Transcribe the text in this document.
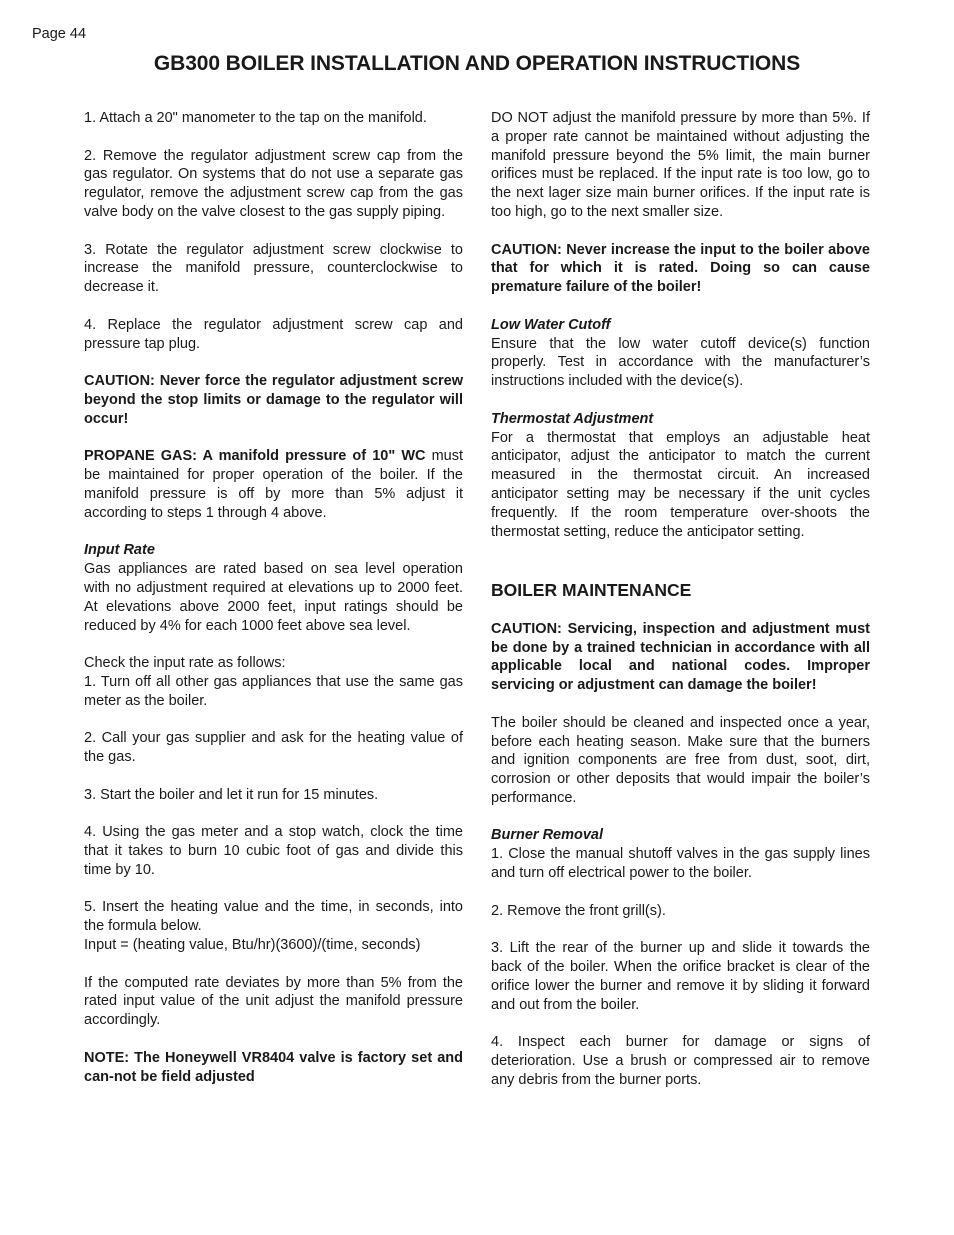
Page 44
GB300 BOILER INSTALLATION AND OPERATION INSTRUCTIONS

1. Attach a 20" manometer to the tap on the manifold.

2. Remove the regulator adjustment screw cap from the gas regulator. On systems that do not use a separate gas regulator, remove the adjustment screw cap from the gas valve body on the valve closest to the gas supply piping.

3. Rotate the regulator adjustment screw clockwise to increase the manifold pressure, counterclockwise to decrease it.

4. Replace the regulator adjustment screw cap and pressure tap plug.

CAUTION: Never force the regulator adjustment screw beyond the stop limits or damage to the regulator will occur!

PROPANE GAS: A manifold pressure of 10" WC must be maintained for proper operation of the boiler. If the manifold pressure is off by more than 5% adjust it according to steps 1 through 4 above.

Input Rate

Gas appliances are rated based on sea level operation with no adjustment required at elevations up to 2000 feet. At elevations above 2000 feet, input ratings should be reduced by 4% for each 1000 feet above sea level.

Check the input rate as follows:

1. Turn off all other gas appliances that use the same gas meter as the boiler.

2. Call your gas supplier and ask for the heating value of the gas.

3. Start the boiler and let it run for 15 minutes.

4. Using the gas meter and a stop watch, clock the time that it takes to burn 10 cubic foot of gas and divide this time by 10.

5. Insert the heating value and the time, in seconds, into the formula below.

Input = (heating value, Btu/hr)(3600)/(time, seconds)

If the computed rate deviates by more than 5% from the rated input value of the unit adjust the manifold pressure accordingly.

NOTE: The Honeywell VR8404 valve is factory set and can-not be field adjusted

DO NOT adjust the manifold pressure by more than 5%. If a proper rate cannot be maintained without adjusting the manifold pressure beyond the 5% limit, the main burner orifices must be replaced. If the input rate is too low, go to the next lager size main burner orifices. If the input rate is too high, go to the next smaller size.

CAUTION: Never increase the input to the boiler above that for which it is rated. Doing so can cause premature failure of the boiler!

Low Water Cutoff

Ensure that the low water cutoff device(s) function properly. Test in accordance with the manufacturer’s instructions included with the device(s).

Thermostat Adjustment

For a thermostat that employs an adjustable heat anticipator, adjust the anticipator to match the current measured in the thermostat circuit. An increased anticipator setting may be necessary if the unit cycles frequently. If the room temperature over-shoots the thermostat setting, reduce the anticipator setting.

BOILER MAINTENANCE

CAUTION: Servicing, inspection and adjustment must be done by a trained technician in accordance with all applicable local and national codes. Improper servicing or adjustment can damage the boiler!

The boiler should be cleaned and inspected once a year, before each heating season. Make sure that the burners and ignition components are free from dust, soot, dirt, corrosion or other deposits that would impair the boiler’s performance.

Burner Removal

1. Close the manual shutoff valves in the gas supply lines and turn off electrical power to the boiler.

2. Remove the front grill(s).

3. Lift the rear of the burner up and slide it towards the back of the boiler. When the orifice bracket is clear of the orifice lower the burner and remove it by sliding it forward and out from the boiler.

4. Inspect each burner for damage or signs of deterioration. Use a brush or compressed air to remove any debris from the burner ports.
